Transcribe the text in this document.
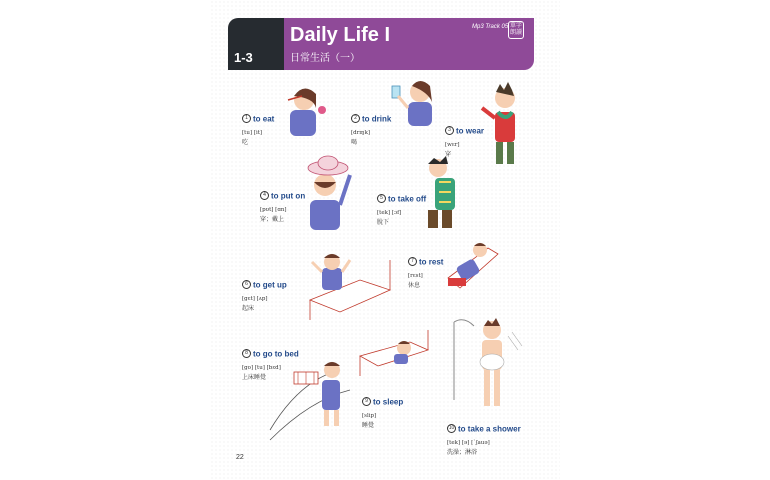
1-3
Daily Life I
日常生活（一）
Mp3 Track 05 單字
朗讀
1 to eat
[tu] [it]
吃
2 to drink
[drɪŋk]
喝
3 to wear
[wɛr]
穿
4 to put on
[pʊt] [ɑn]
穿；戴上
5 to take off
[tek] [ɔf]
脫下
6 to get up
[gɛt] [ʌp]
起床
7 to rest
[rɛst]
休息
8 to go to bed
[go] [tu] [bɛd]
上床睡覺
9 to sleep
[slip]
睡覺	10 to take a shower
[tek] [ə] [ˋʃauə]
洗澡；淋浴
22
